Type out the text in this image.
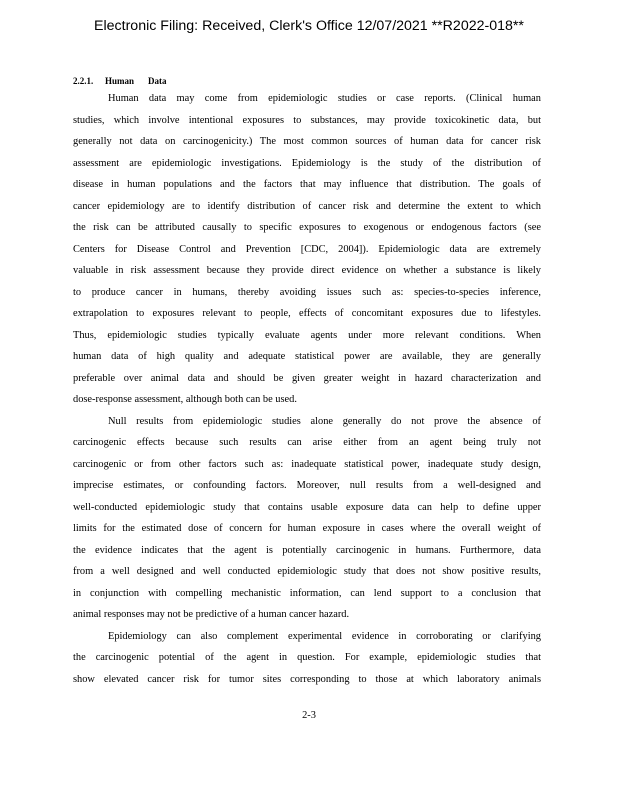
Electronic Filing: Received, Clerk's Office 12/07/2021 **R2022-018**
2.2.1. Human Data
Human data may come from epidemiologic studies or case reports. (Clinical human
studies, which involve intentional exposures to substances, may provide toxicokinetic data, but
generally not data on carcinogenicity.) The most common sources of human data for cancer risk
assessment are epidemiologic investigations. Epidemiology is the study of the distribution of
disease in human populations and the factors that may influence that distribution. The goals of
cancer epidemiology are to identify distribution of cancer risk and determine the extent to which
the risk can be attributed causally to specific exposures to exogenous or endogenous factors (see
Centers for Disease Control and Prevention [CDC, 2004]). Epidemiologic data are extremely
valuable in risk assessment because they provide direct evidence on whether a substance is likely
to produce cancer in humans, thereby avoiding issues such as: species-to-species inference,
extrapolation to exposures relevant to people, effects of concomitant exposures due to lifestyles.
Thus, epidemiologic studies typically evaluate agents under more relevant conditions. When
human data of high quality and adequate statistical power are available, they are generally
preferable over animal data and should be given greater weight in hazard characterization and
dose-response assessment, although both can be used.
Null results from epidemiologic studies alone generally do not prove the absence of
carcinogenic effects because such results can arise either from an agent being truly not
carcinogenic or from other factors such as: inadequate statistical power, inadequate study design,
imprecise estimates, or confounding factors. Moreover, null results from a well-designed and
well-conducted epidemiologic study that contains usable exposure data can help to define upper
limits for the estimated dose of concern for human exposure in cases where the overall weight of
the evidence indicates that the agent is potentially carcinogenic in humans. Furthermore, data
from a well designed and well conducted epidemiologic study that does not show positive results,
in conjunction with compelling mechanistic information, can lend support to a conclusion that
animal responses may not be predictive of a human cancer hazard.
Epidemiology can also complement experimental evidence in corroborating or clarifying
the carcinogenic potential of the agent in question. For example, epidemiologic studies that
show elevated cancer risk for tumor sites corresponding to those at which laboratory animals
2-3
